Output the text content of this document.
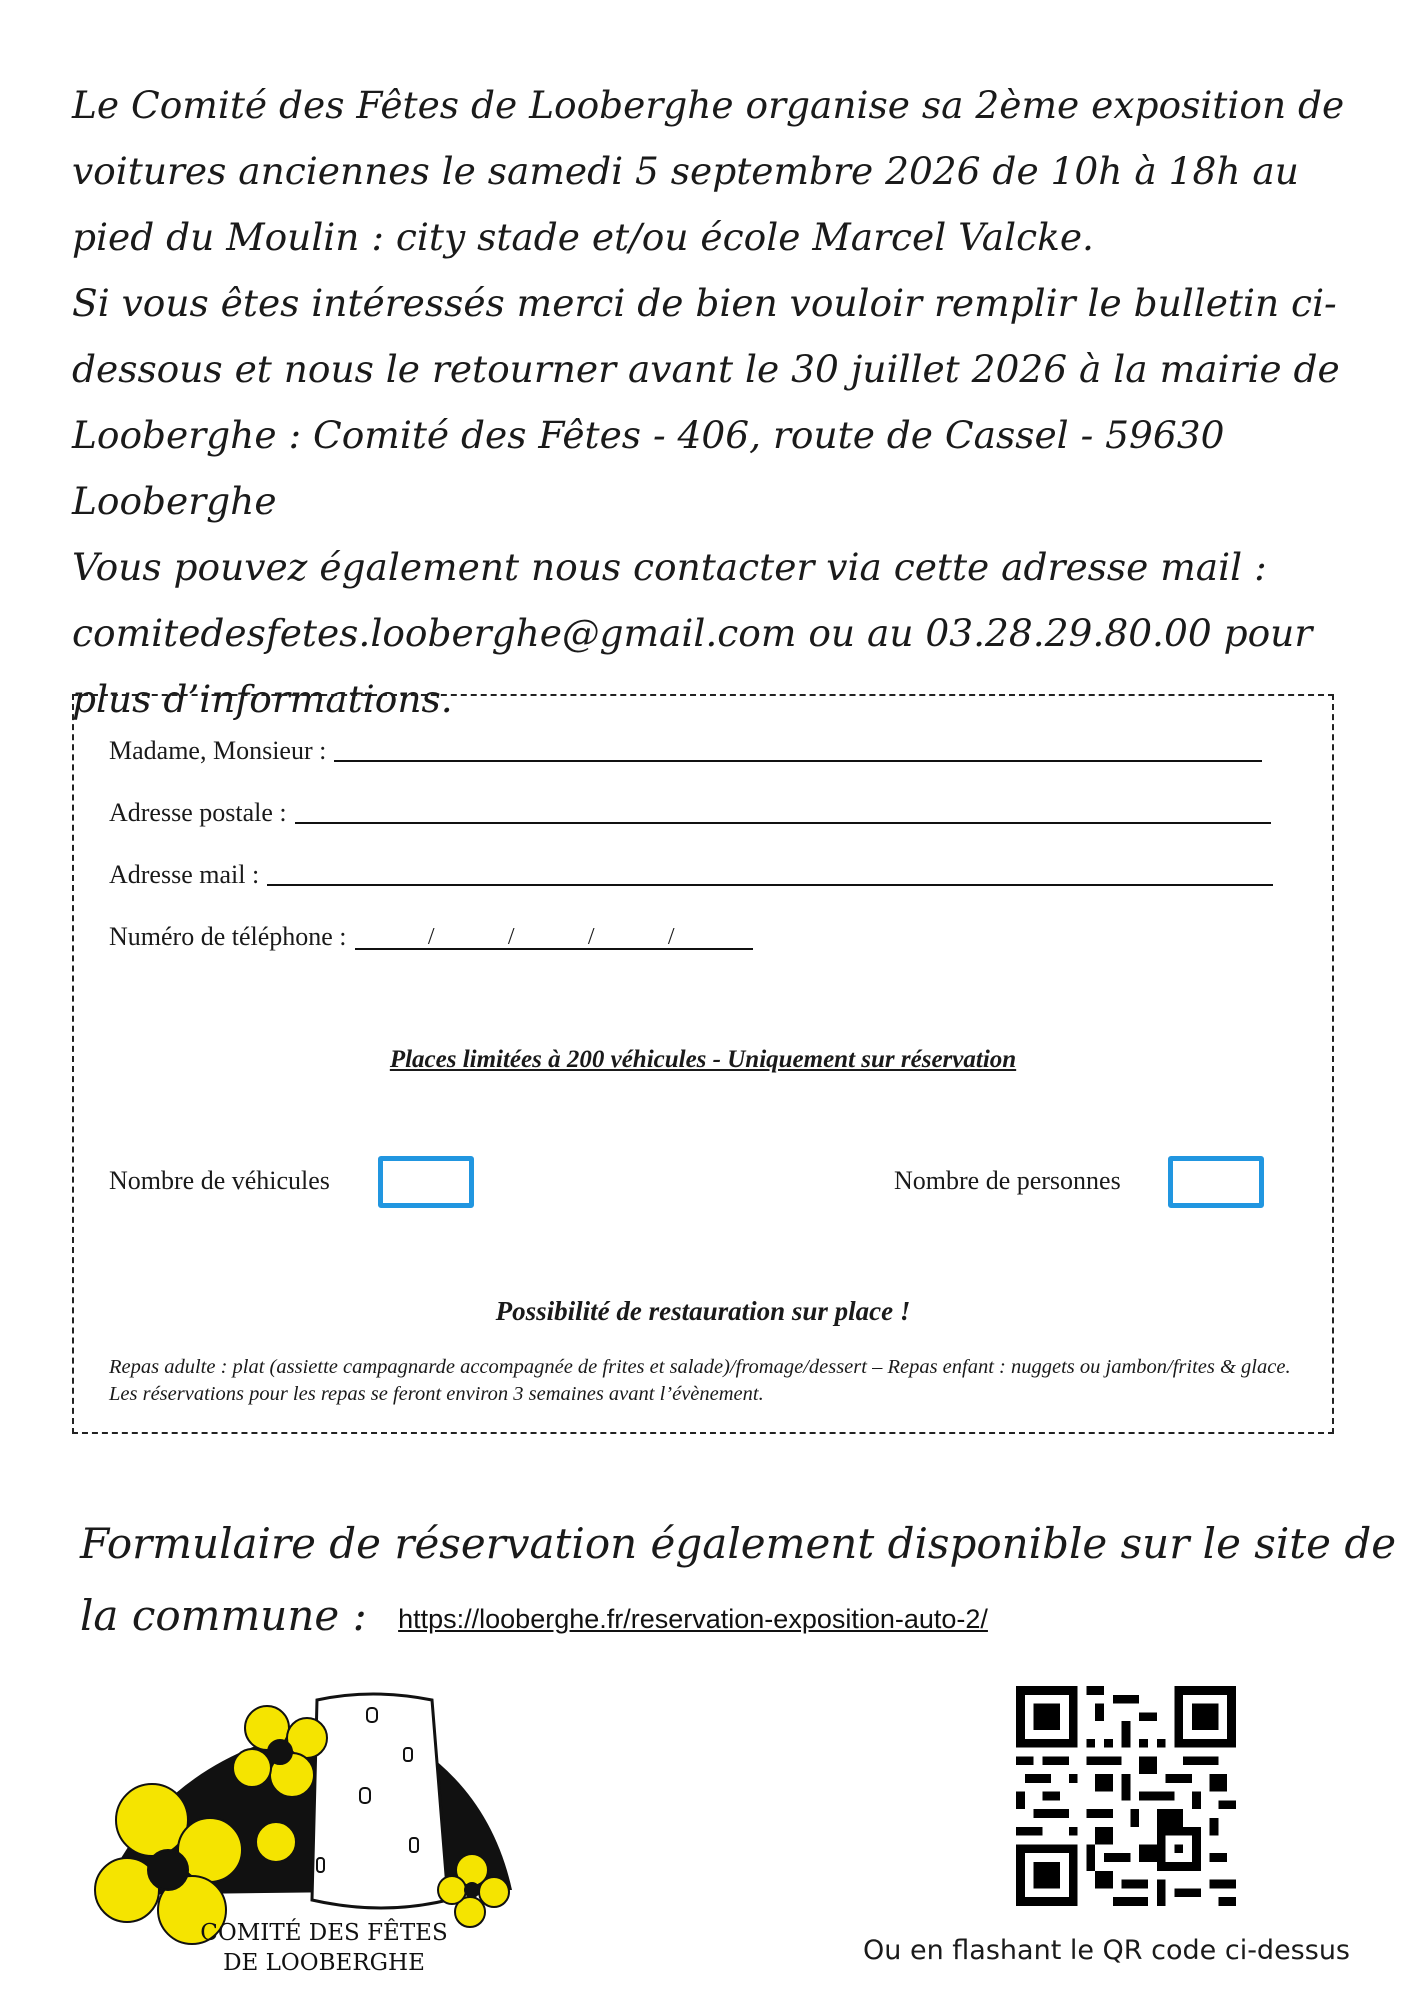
Le Comité des Fêtes de Looberghe organise sa 2ème exposition de voitures anciennes le samedi 5 septembre 2026 de 10h à 18h au pied du Moulin : city stade et/ou école Marcel Valcke.

Si vous êtes intéressés merci de bien vouloir remplir le bulletin ci-dessous et nous le retourner avant le 30 juillet 2026 à la mairie de Looberghe : Comité des Fêtes - 406, route de Cassel - 59630 Looberghe

Vous pouvez également nous contacter via cette adresse mail : comitedesfetes.looberghe@gmail.com ou au 03.28.29.80.00 pour plus d’informations.

Madame, Monsieur :
Adresse postale :
Adresse mail :
Numéro de téléphone :	/	/	/	/
Places limitées à 200 véhicules - Uniquement sur réservation
Nombre de véhicules	Nombre de personnes
Possibilité de restauration sur place !
Repas adulte : plat (assiette campagnarde accompagnée de frites et salade)/fromage/dessert – Repas enfant : nuggets ou jambon/frites & glace. Les réservations pour les repas se feront environ 3 semaines avant l’évènement.
Formulaire de réservation également disponible sur le site de la commune : https://looberghe.fr/reservation-exposition-auto-2/
COMITÉ DES FÊTES
DE LOOBERGHE	Ou en flashant le QR code ci-dessus
